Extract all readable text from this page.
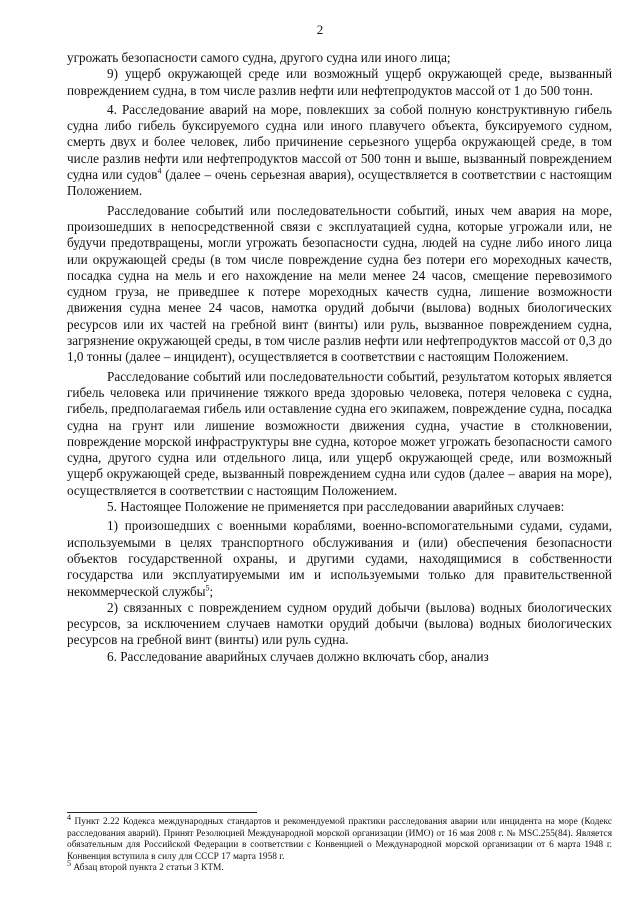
2

угрожать безопасности самого судна, другого судна или иного лица;

9) ущерб окружающей среде или возможный ущерб окружающей среде, вызванный повреждением судна, в том числе разлив нефти или нефтепродуктов массой от 1 до 500 тонн.

4. Расследование аварий на море, повлекших за собой полную конструктивную гибель судна либо гибель буксируемого судна или иного плавучего объекта, буксируемого судном, смерть двух и более человек, либо причинение серьезного ущерба окружающей среде, в том числе разлив нефти или нефтепродуктов массой от 500 тонн и выше, вызванный повреждением судна или судов$^4$ (далее – очень серьезная авария), осуществляется в соответствии с настоящим Положением.

Расследование событий или последовательности событий, иных чем авария на море, произошедших в непосредственной связи с эксплуатацией судна, которые угрожали или, не будучи предотвращены, могли угрожать безопасности судна, людей на судне либо иного лица или окружающей среды (в том числе повреждение судна без потери его мореходных качеств, посадка судна на мель и его нахождение на мели менее 24 часов, смещение перевозимого судном груза, не приведшее к потере мореходных качеств судна, лишение возможности движения судна менее 24 часов, намотка орудий добычи (вылова) водных биологических ресурсов или их частей на гребной винт (винты) или руль, вызванное повреждением судна, загрязнение окружающей среды, в том числе разлив нефти или нефтепродуктов массой от 0,3 до 1,0 тонны (далее – инцидент), осуществляется в соответствии с настоящим Положением.

Расследование событий или последовательности событий, результатом которых является гибель человека или причинение тяжкого вреда здоровью человека, потеря человека с судна, гибель, предполагаемая гибель или оставление судна его экипажем, повреждение судна, посадка судна на грунт или лишение возможности движения судна, участие в столкновении, повреждение морской инфраструктуры вне судна, которое может угрожать безопасности самого судна, другого судна или отдельного лица, или ущерб окружающей среде, или возможный ущерб окружающей среде, вызванный повреждением судна или судов (далее – авария на море), осуществляется в соответствии с настоящим Положением.

5. Настоящее Положение не применяется при расследовании аварийных случаев:

1) произошедших с военными кораблями, военно-вспомогательными судами, судами, используемыми в целях транспортного обслуживания и (или) обеспечения безопасности объектов государственной охраны, и другими судами, находящимися в собственности государства или эксплуатируемыми им и используемыми только для правительственной некоммерческой службы$^5$;

2) связанных с повреждением судном орудий добычи (вылова) водных биологических ресурсов, за исключением случаев намотки орудий добычи (вылова) водных биологических ресурсов на гребной винт (винты) или руль судна.

6. Расследование аварийных случаев должно включать сбор, анализ

$^4$ Пункт 2.22 Кодекса международных стандартов и рекомендуемой практики расследования аварии или инцидента на море (Кодекс расследования аварий). Принят Резолюцией Международной морской организации (ИМО) от 16 мая 2008 г. № MSC.255(84). Является обязательным для Российской Федерации в соответствии с Конвенцией о Международной морской организации от 6 марта 1948 г. Конвенция вступила в силу для СССР 17 марта 1958 г.

$^5$ Абзац второй пункта 2 статьи 3 КТМ.
